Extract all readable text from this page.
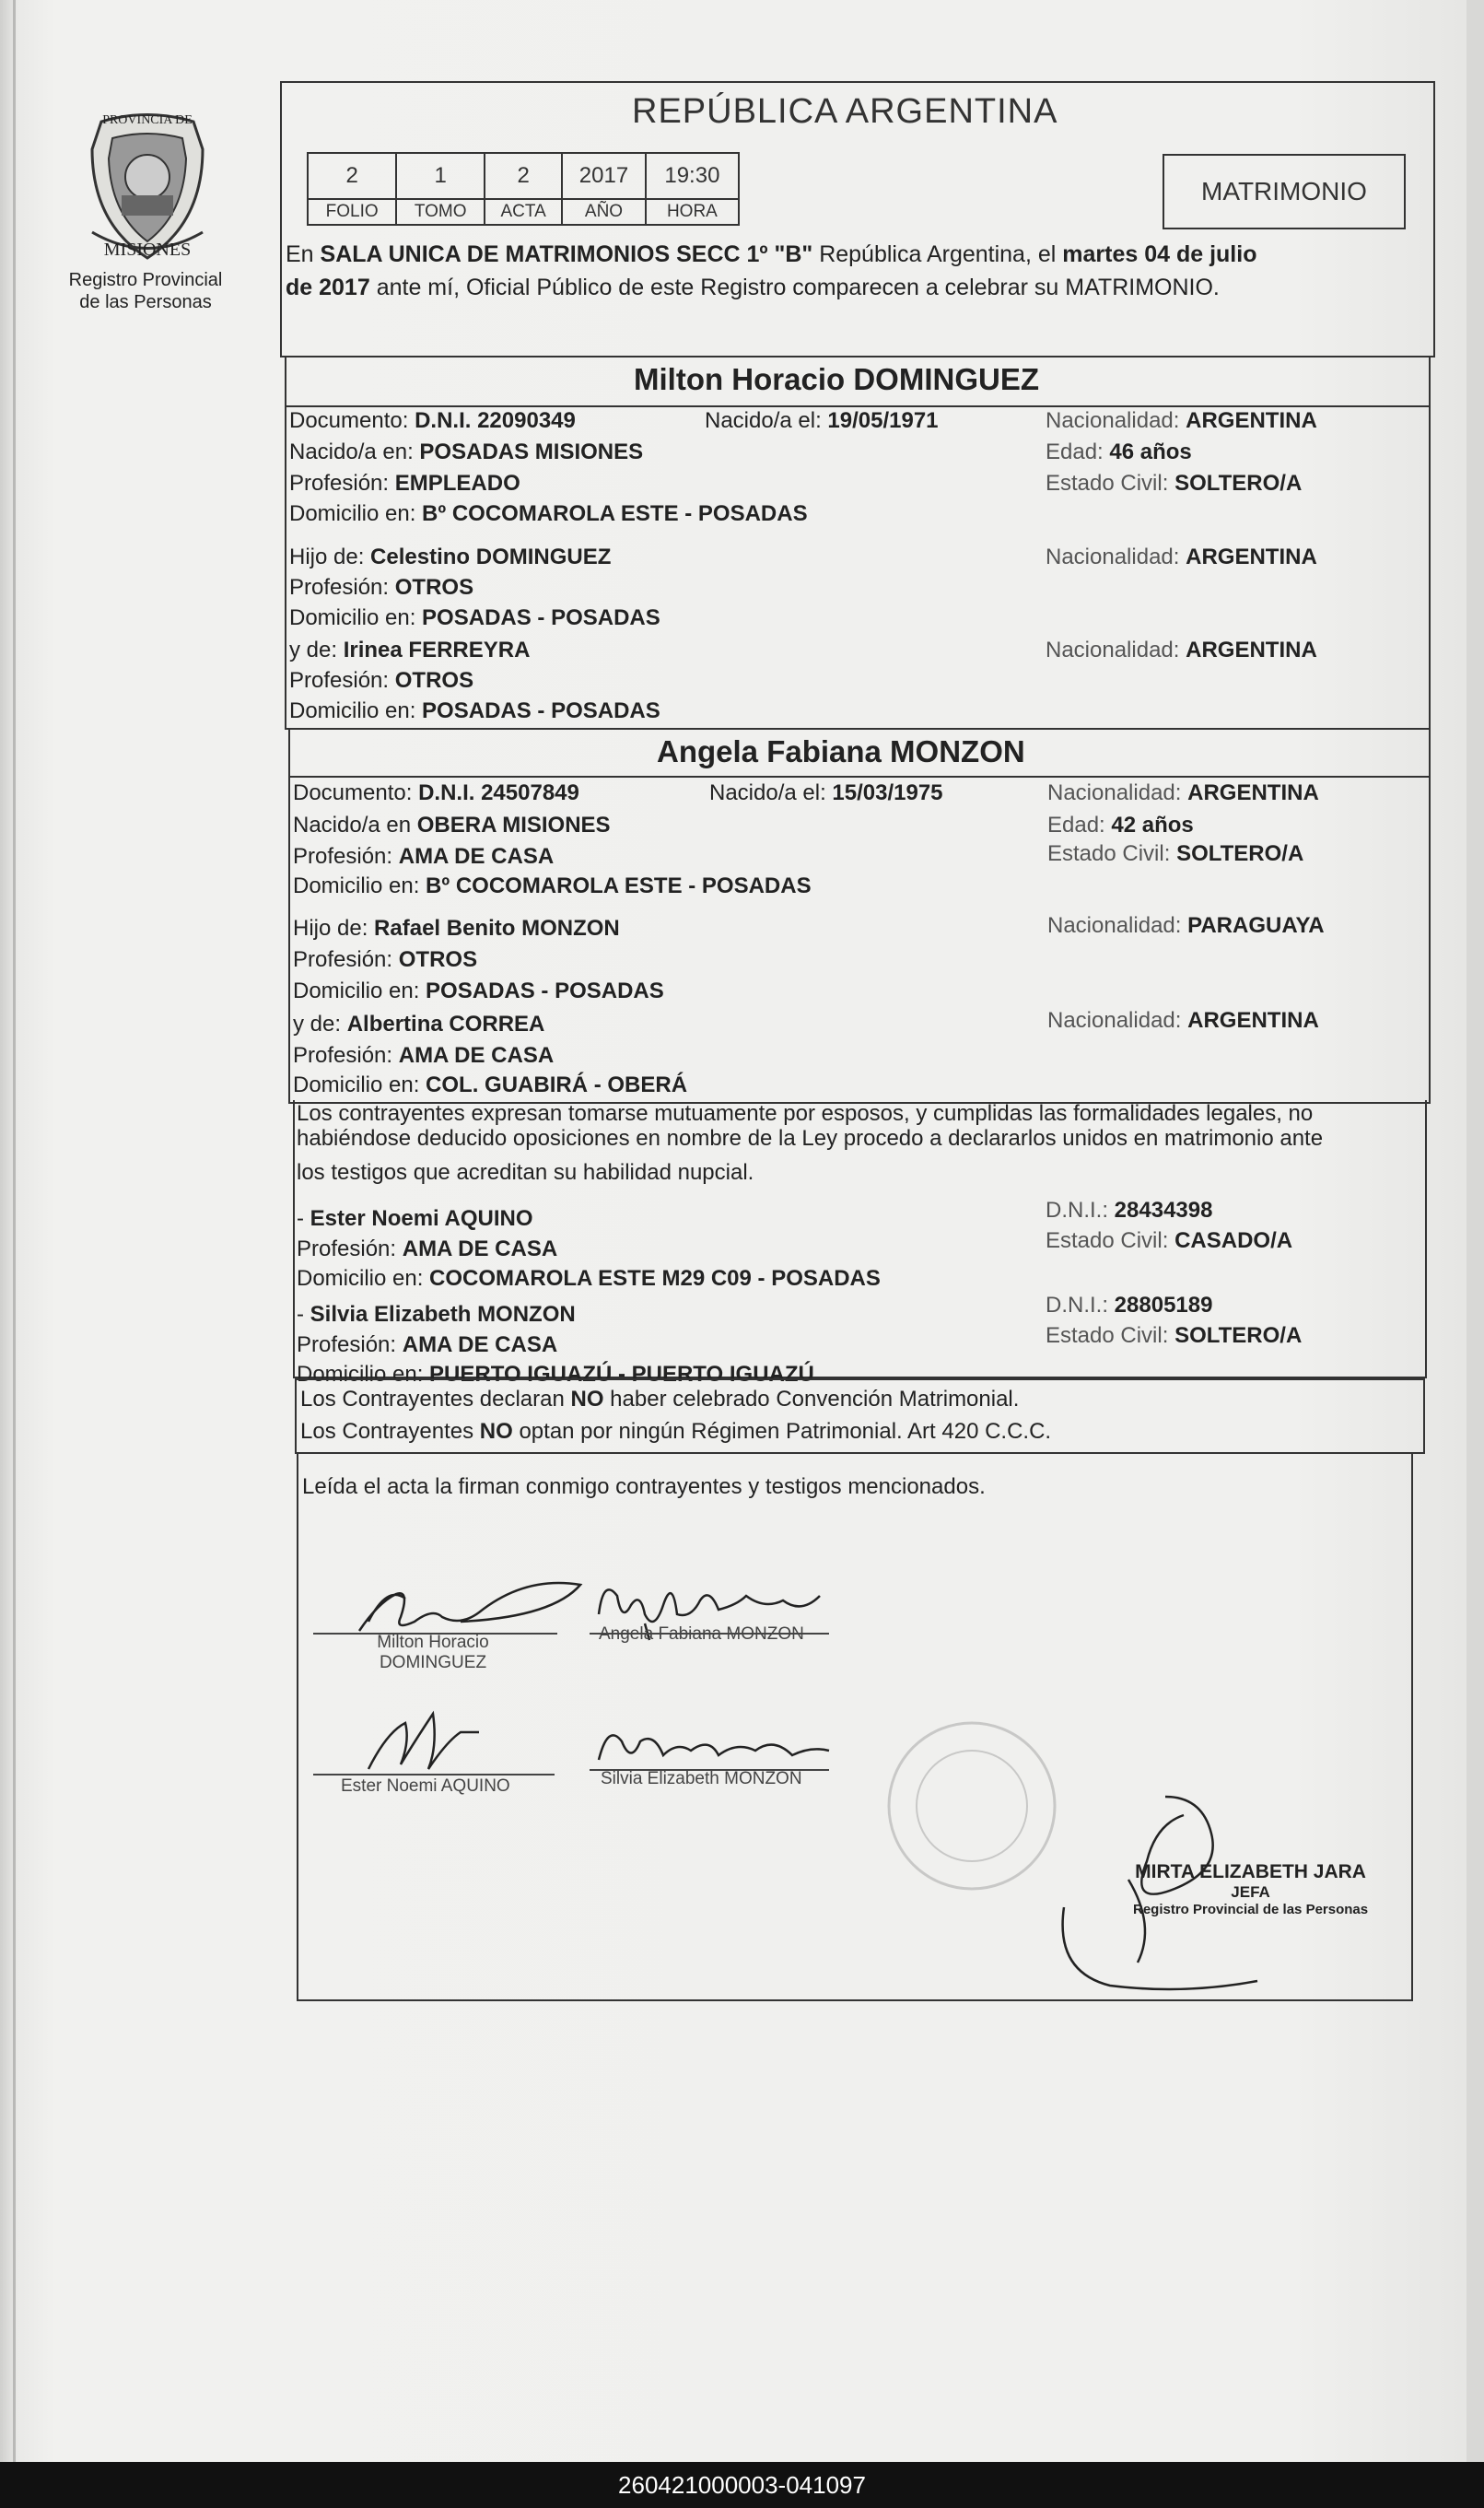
PROVINCIA DE
MISIONES
Registro Provincial
de las Personas
REPÚBLICA ARGENTINA
2	1	2	2017	19:30
FOLIO	TOMO	ACTA	AÑO	HORA
MATRIMONIO
En SALA UNICA DE MATRIMONIOS SECC 1º "B" República Argentina, el martes 04 de julio
de 2017 ante mí, Oficial Público de este Registro comparecen a celebrar su MATRIMONIO.
Milton Horacio DOMINGUEZ
Documento: D.N.I. 22090349	Nacido/a el: 19/05/1971	Nacionalidad: ARGENTINA
Nacido/a en: POSADAS MISIONES	Edad: 46 años
Profesión: EMPLEADO	Estado Civil: SOLTERO/A
Domicilio en: Bº COCOMAROLA ESTE - POSADAS
Hijo de: Celestino DOMINGUEZ	Nacionalidad: ARGENTINA
Profesión: OTROS
Domicilio en: POSADAS - POSADAS
y de: Irinea FERREYRA	Nacionalidad: ARGENTINA
Profesión: OTROS
Domicilio en: POSADAS - POSADAS
Angela Fabiana MONZON
Documento: D.N.I. 24507849	Nacido/a el: 15/03/1975	Nacionalidad: ARGENTINA
Nacido/a en OBERA MISIONES	Edad: 42 años
Profesión: AMA DE CASA	Estado Civil: SOLTERO/A
Domicilio en: Bº COCOMAROLA ESTE - POSADAS
Hijo de: Rafael Benito MONZON	Nacionalidad: PARAGUAYA
Profesión: OTROS
Domicilio en: POSADAS - POSADAS
y de: Albertina CORREA	Nacionalidad: ARGENTINA
Profesión: AMA DE CASA
Domicilio en: COL. GUABIRÁ - OBERÁ
Los contrayentes expresan tomarse mutuamente por esposos, y cumplidas las formalidades legales, no
habiéndose deducido oposiciones en nombre de la Ley procedo a declararlos unidos en matrimonio ante
los testigos que acreditan su habilidad nupcial.
- Ester Noemi AQUINO	D.N.I.: 28434398
Profesión: AMA DE CASA	Estado Civil: CASADO/A
Domicilio en: COCOMAROLA ESTE M29 C09 - POSADAS
- Silvia Elizabeth MONZON	D.N.I.: 28805189
Profesión: AMA DE CASA	Estado Civil: SOLTERO/A
Domicilio en: PUERTO IGUAZÚ - PUERTO IGUAZÚ
Los Contrayentes declaran NO haber celebrado Convención Matrimonial.
Los Contrayentes NO optan por ningún Régimen Patrimonial. Art 420 C.C.C.
Leída el acta la firman conmigo contrayentes y testigos mencionados.
Milton Horacio
DOMINGUEZ
Angela Fabiana MONZON
Ester Noemi AQUINO	Silvia Elizabeth MONZON
MIRTA ELIZABETH JARA
JEFA
Registro Provincial de las Personas
260421000003-041097
